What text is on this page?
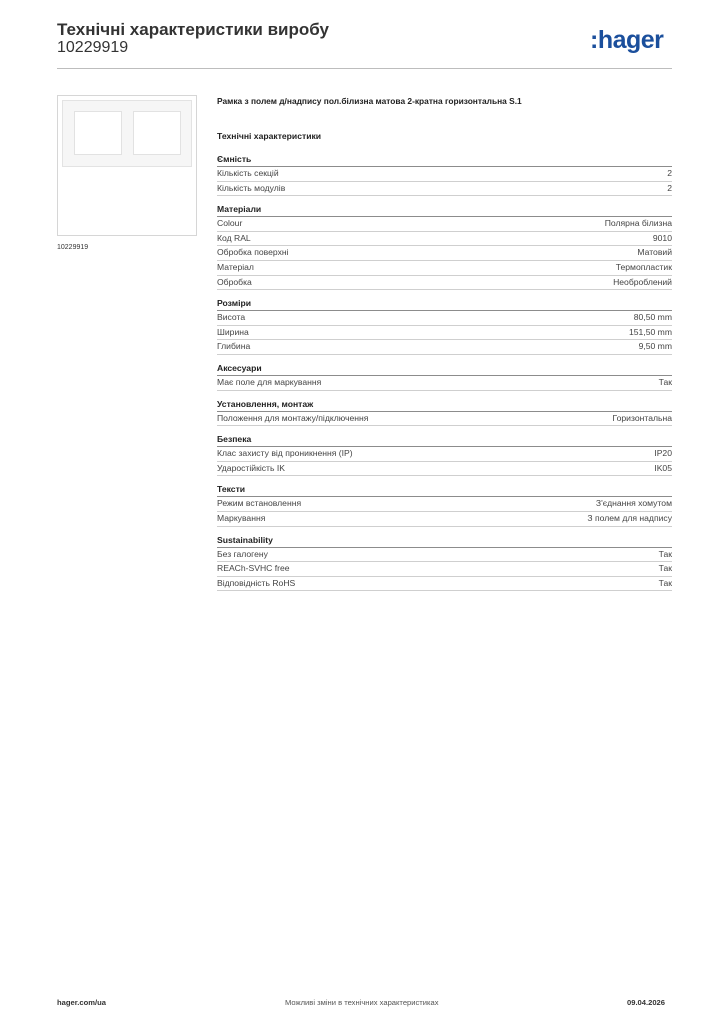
Технічні характеристики виробу
10229919	:hager
10229919
Рамка з полем д/надпису пол.білизна матова 2-кратна горизонтальна S.1
Технічні характеристики
Ємність
Кількість секцій	2
Кількість модулів	2
Матеріали
Colour	Полярна білизна
Код RAL	9010
Обробка поверхні	Матовий
Матеріал	Термопластик
Обробка	Необроблений
Розміри
Висота	80,50 mm
Ширина	151,50 mm
Глибина	9,50 mm
Аксесуари
Має поле для маркування	Так
Установлення, монтаж
Положення для монтажу/підключення	Горизонтальна
Безпека
Клас захисту від проникнення (IP)	IP20
Ударостійкість IK	IK05
Тексти
Режим встановлення	З'єднання хомутом
Маркування	З полем для надпису
Sustainability
Без галогену	Так
REACh-SVHC free	Так
Відповідність RoHS	Так
hager.com/ua	Можливі зміни в технічних характеристиках	09.04.2026
